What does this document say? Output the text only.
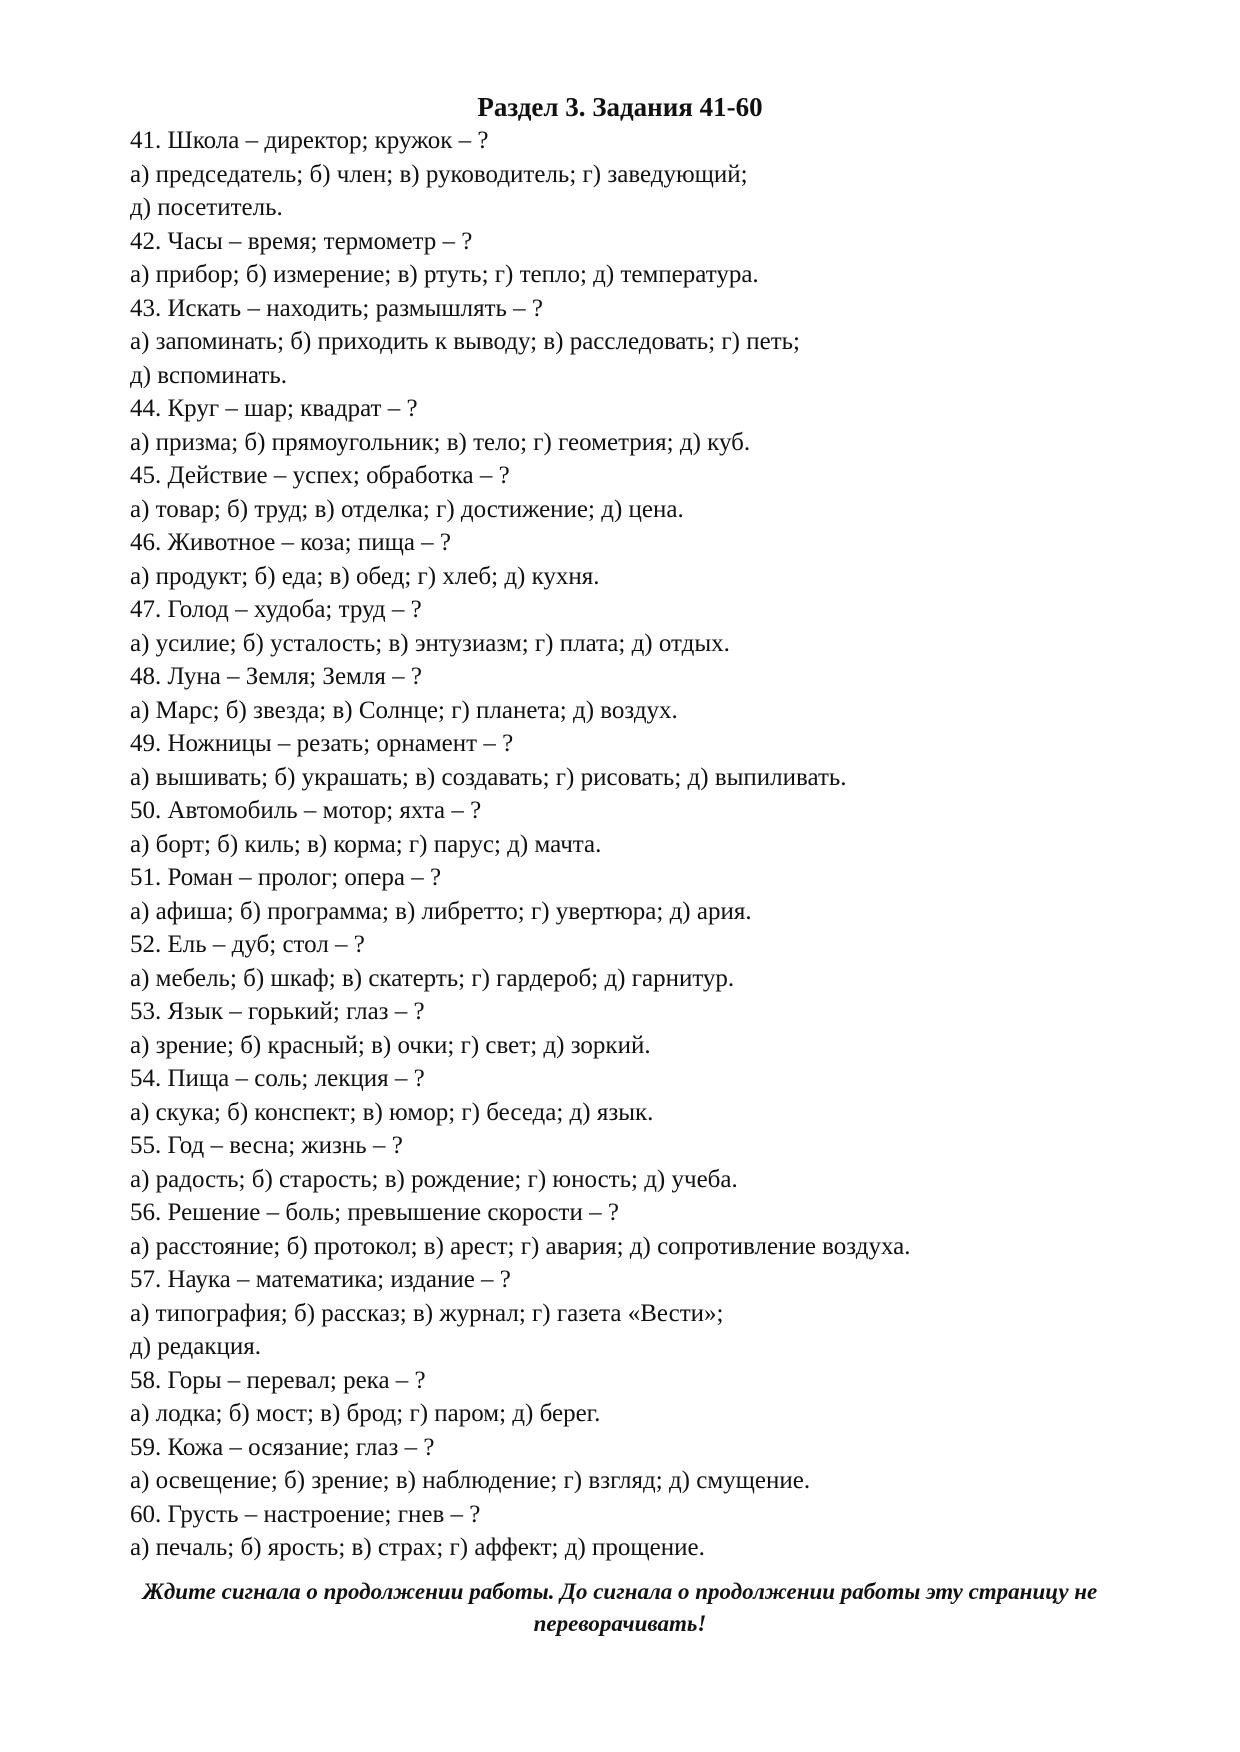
Раздел 3. Задания 41-60

41. Школа – директор; кружок – ?

а) председатель; б) член; в) руководитель; г) заведующий;

д) посетитель.

42. Часы – время; термометр – ?

а) прибор; б) измерение; в) ртуть; г) тепло; д) температура.

43. Искать – находить; размышлять – ?

а) запоминать; б) приходить к выводу; в) расследовать; г) петь;

д) вспоминать.

44. Круг – шар; квадрат – ?

а) призма; б) прямоугольник; в) тело; г) геометрия; д) куб.

45. Действие – успех; обработка – ?

а) товар; б) труд; в) отделка; г) достижение; д) цена.

46. Животное – коза; пища – ?

а) продукт; б) еда; в) обед; г) хлеб; д) кухня.

47. Голод – худоба; труд – ?

а) усилие; б) усталость; в) энтузиазм; г) плата; д) отдых.

48. Луна – Земля; Земля – ?

а) Марс; б) звезда; в) Солнце; г) планета; д) воздух.

49. Ножницы – резать; орнамент – ?

а) вышивать; б) украшать; в) создавать; г) рисовать; д) выпиливать.

50. Автомобиль – мотор; яхта – ?

а) борт; б) киль; в) корма; г) парус; д) мачта.

51. Роман – пролог; опера – ?

а) афиша; б) программа; в) либретто; г) увертюра; д) ария.

52. Ель – дуб; стол – ?

а) мебель; б) шкаф; в) скатерть; г) гардероб; д) гарнитур.

53. Язык – горький; глаз – ?

а) зрение; б) красный; в) очки; г) свет; д) зоркий.

54. Пища – соль; лекция – ?

а) скука; б) конспект; в) юмор; г) беседа; д) язык.

55. Год – весна; жизнь – ?

а) радость; б) старость; в) рождение; г) юность; д) учеба.

56. Решение – боль; превышение скорости – ?

а) расстояние; б) протокол; в) арест; г) авария; д) сопротивление воздуха.

57. Наука – математика; издание – ?

а) типография; б) рассказ; в) журнал; г) газета «Вести»;

д) редакция.

58. Горы – перевал; река – ?

а) лодка; б) мост; в) брод; г) паром; д) берег.

59. Кожа – осязание; глаз – ?

а) освещение; б) зрение; в) наблюдение; г) взгляд; д) смущение.

60. Грусть – настроение; гнев – ?

а) печаль; б) ярость; в) страх; г) аффект; д) прощение.

Ждите сигнала о продолжении работы. До сигнала о продолжении работы эту страницу не
переворачивать!
